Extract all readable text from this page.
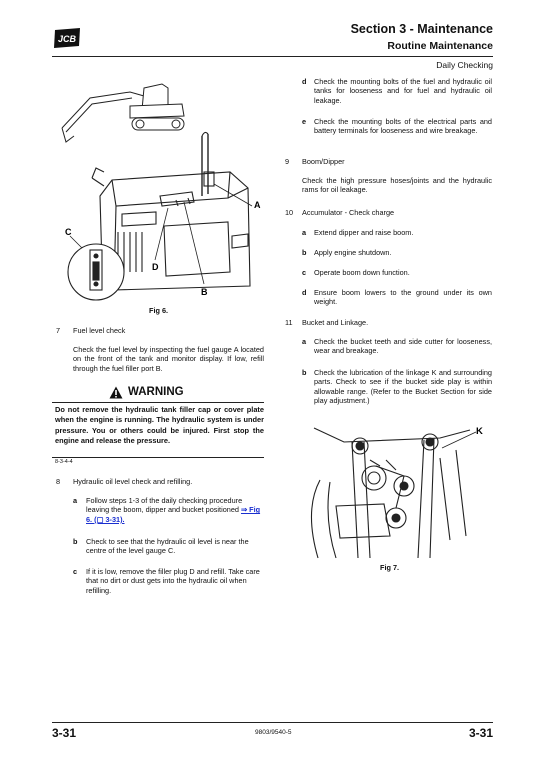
JCB
Section 3 - Maintenance
Routine Maintenance
Daily Checking
C
D
B
A
Fig 6.
7 Fuel level check
Check the fuel level by inspecting the fuel gauge A located on the front of the tank and monitor display. If low, refill through the fuel filler port B.
WARNING
Do not remove the hydraulic tank filler cap or cover plate when the engine is running. The hydraulic system is under pressure. You or others could be injured. First stop the engine and release the pressure.
8-3-4-4
8 Hydraulic oil level check and refilling.
a Follow steps 1-3 of the daily checking procedure leaving the boom, dipper and bucket positioned ⇒ Fig 6. (▢ 3-31).
b Check to see that the hydraulic oil level is near the centre of the level gauge C.
c If it is low, remove the filler plug D and refill. Take care that no dirt or dust gets into the hydraulic oil when refilling.
d Check the mounting bolts of the fuel and hydraulic oil tanks for looseness and for fuel and hydraulic oil leakage.
e Check the mounting bolts of the electrical parts and battery terminals for looseness and wire breakage.
9 Boom/Dipper
Check the high pressure hoses/joints and the hydraulic rams for oil leakage.
10 Accumulator - Check charge
a Extend dipper and raise boom.
b Apply engine shutdown.
c Operate boom down function.
d Ensure boom lowers to the ground under its own weight.
11 Bucket and Linkage.
a Check the bucket teeth and side cutter for looseness, wear and breakage.
b Check the lubrication of the linkage K and surrounding parts. Check to see if the bucket side play is within allowable range. (Refer to the Bucket Section for side play adjustment.)
K
Fig 7.
3-31	9803/9540-5	3-31
